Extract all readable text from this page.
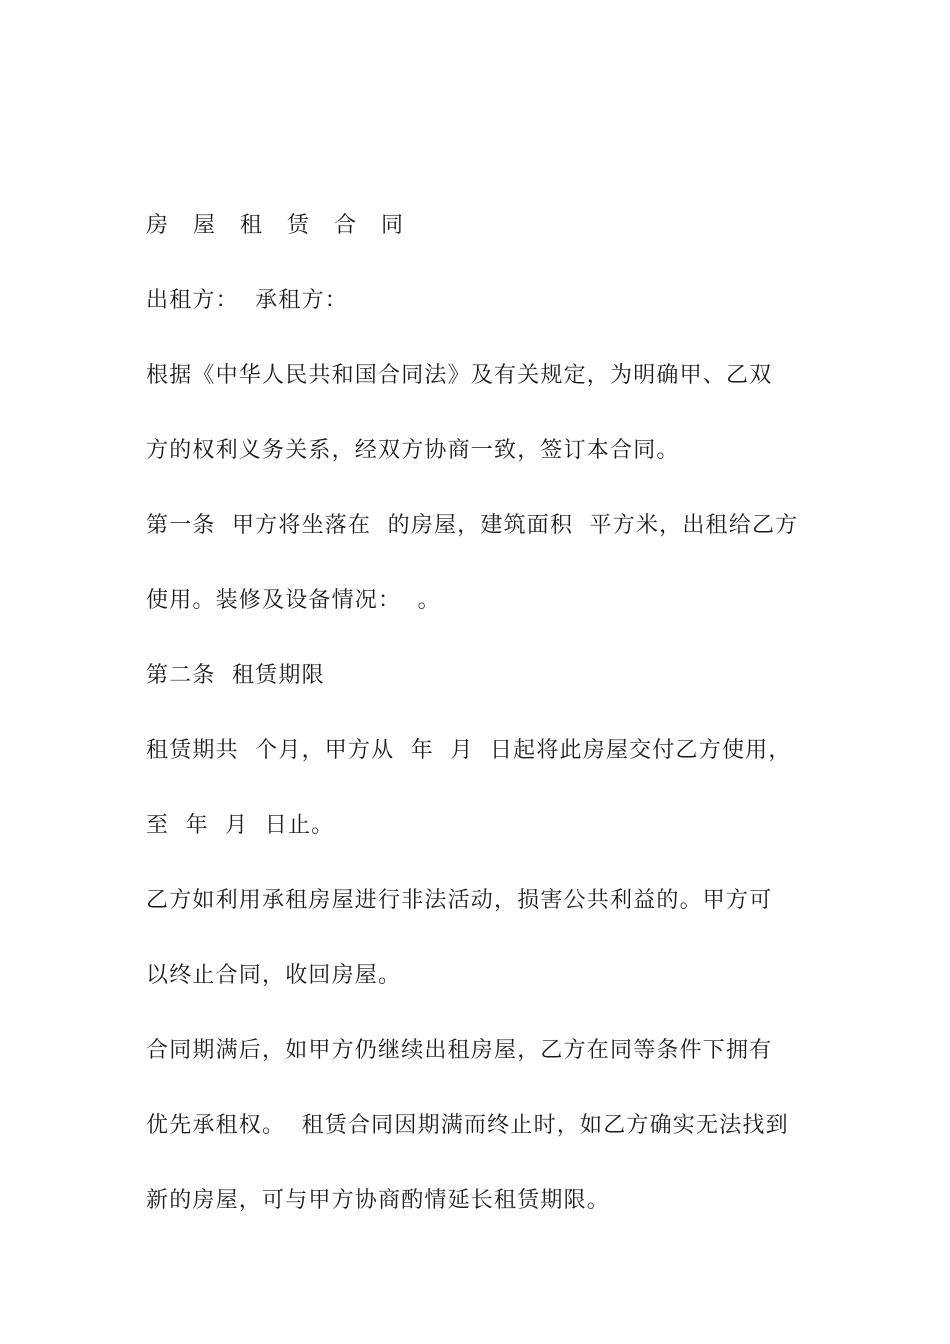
房 屋 租 赁 合 同
出租方：  承租方：
根据《中华人民共和国合同法》及有关规定，为明确甲、乙双
方的权利义务关系，经双方协商一致，签订本合同。
第一条  甲方将坐落在  的房屋，建筑面积  平方米，出租给乙方
使用。装修及设备情况：  。
第二条  租赁期限
租赁期共  个月，甲方从  年  月  日起将此房屋交付乙方使用，
至  年  月  日止。
乙方如利用承租房屋进行非法活动，损害公共利益的。甲方可
以终止合同，收回房屋。
合同期满后，如甲方仍继续出租房屋，乙方在同等条件下拥有
优先承租权。  租赁合同因期满而终止时，如乙方确实无法找到
新的房屋，可与甲方协商酌情延长租赁期限。
